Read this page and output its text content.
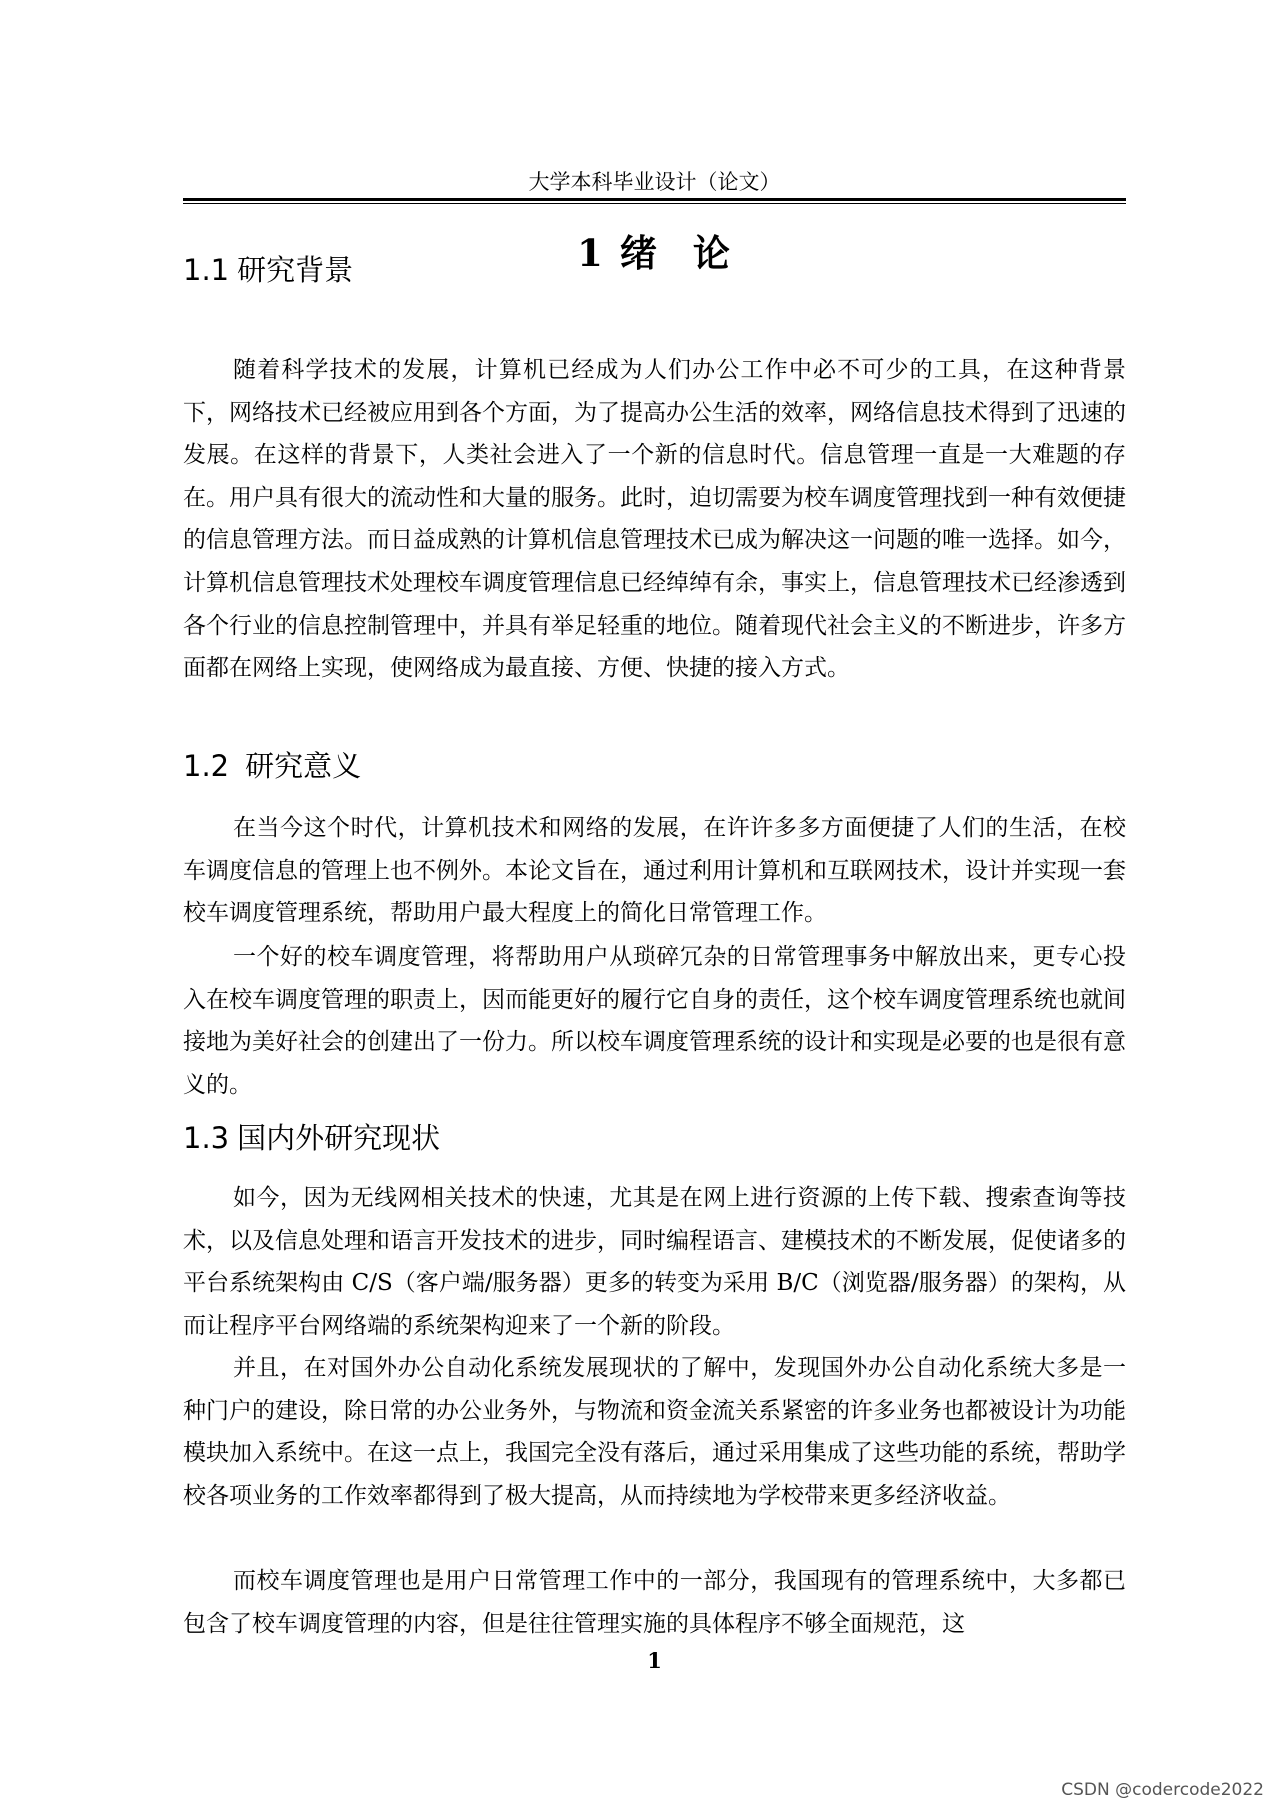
大学本科毕业设计（论文）
1 绪 论
1.1 研究背景

随着科学技术的发展，计算机已经成为人们办公工作中必不可少的工具，在这种背景下，网络技术已经被应用到各个方面，为了提高办公生活的效率，网络信息技术得到了迅速的发展。在这样的背景下，人类社会进入了一个新的信息时代。信息管理一直是一大难题的存在。用户具有很大的流动性和大量的服务。此时，迫切需要为校车调度管理找到一种有效便捷的信息管理方法。而日益成熟的计算机信息管理技术已成为解决这一问题的唯一选择。如今，计算机信息管理技术处理校车调度管理信息已经绰绰有余，事实上，信息管理技术已经渗透到各个行业的信息控制管理中，并具有举足轻重的地位。随着现代社会主义的不断进步，许多方面都在网络上实现，使网络成为最直接、方便、快捷的接入方式。

1.2 研究意义

在当今这个时代，计算机技术和网络的发展，在许许多多方面便捷了人们的生活，在校车调度信息的管理上也不例外。本论文旨在，通过利用计算机和互联网技术，设计并实现一套校车调度管理系统，帮助用户最大程度上的简化日常管理工作。

一个好的校车调度管理，将帮助用户从琐碎冗杂的日常管理事务中解放出来，更专心投入在校车调度管理的职责上，因而能更好的履行它自身的责任，这个校车调度管理系统也就间接地为美好社会的创建出了一份力。所以校车调度管理系统的设计和实现是必要的也是很有意义的。

1.3 国内外研究现状

如今，因为无线网相关技术的快速，尤其是在网上进行资源的上传下载、搜索查询等技术，以及信息处理和语言开发技术的进步，同时编程语言、建模技术的不断发展，促使诸多的平台系统架构由 C/S（客户端/服务器）更多的转变为采用 B/C（浏览器/服务器）的架构，从而让程序平台网络端的系统架构迎来了一个新的阶段。

并且，在对国外办公自动化系统发展现状的了解中，发现国外办公自动化系统大多是一种门户的建设，除日常的办公业务外，与物流和资金流关系紧密的许多业务也都被设计为功能模块加入系统中。在这一点上，我国完全没有落后，通过采用集成了这些功能的系统，帮助学校各项业务的工作效率都得到了极大提高，从而持续地为学校带来更多经济收益。

而校车调度管理也是用户日常管理工作中的一部分，我国现有的管理系统中，大多都已包含了校车调度管理的内容，但是往往管理实施的具体程序不够全面规范，这

1
CSDN @codercode2022
